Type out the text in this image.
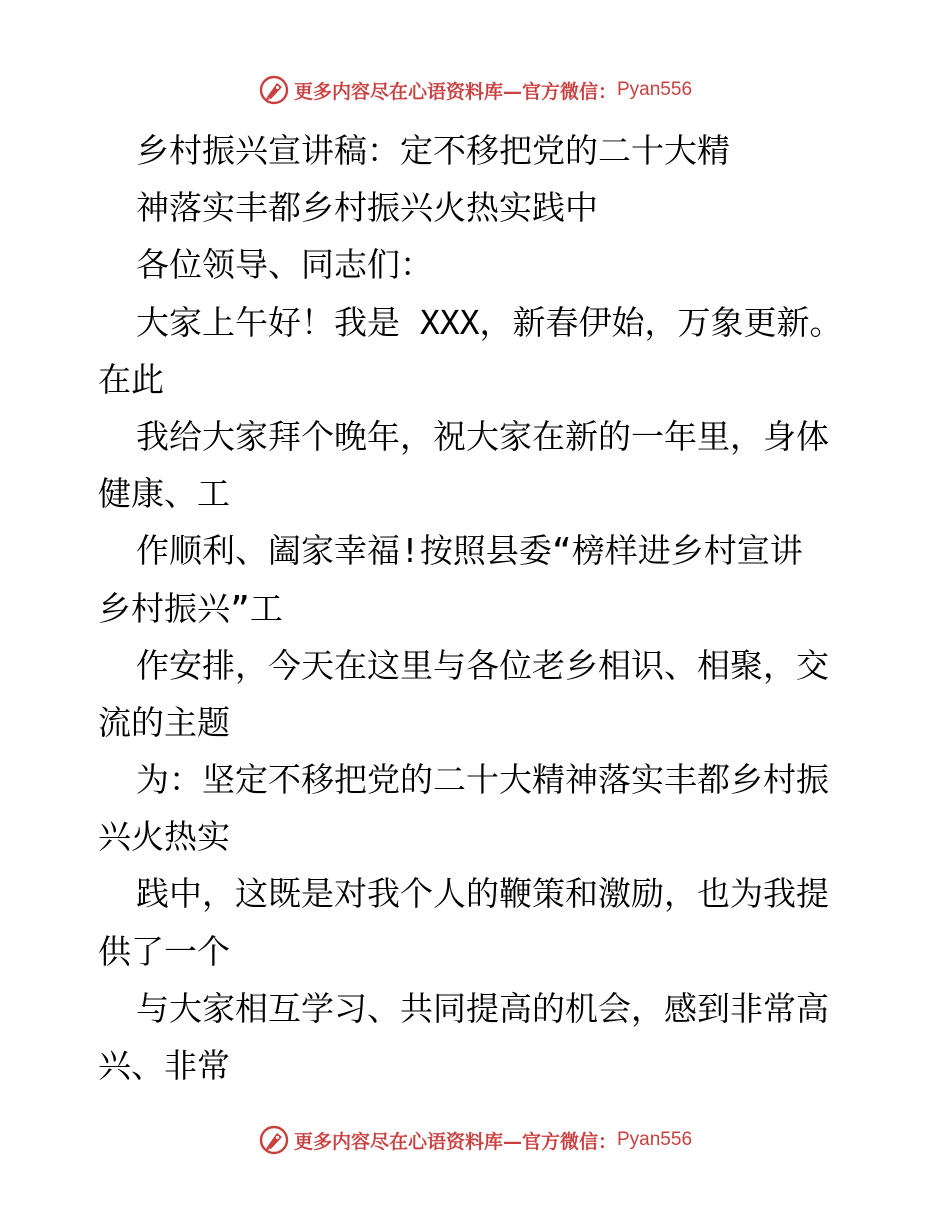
更多内容尽在心语资料库—官方微信： Pyan556
乡村振兴宣讲稿：定不移把党的二十大精
神落实丰都乡村振兴火热实践中
各位领导、同志们：
大家上午好！我是 XXX，新春伊始，万象更新。
在此
我给大家拜个晚年，祝大家在新的一年里，身体
健康、工
作顺利、阖家幸福!按照县委“榜样进乡村宣讲
乡村振兴”工
作安排，今天在这里与各位老乡相识、相聚，交
流的主题
为：坚定不移把党的二十大精神落实丰都乡村振
兴火热实
践中，这既是对我个人的鞭策和激励，也为我提
供了一个
与大家相互学习、共同提高的机会，感到非常高
兴、非常
更多内容尽在心语资料库—官方微信： Pyan556
